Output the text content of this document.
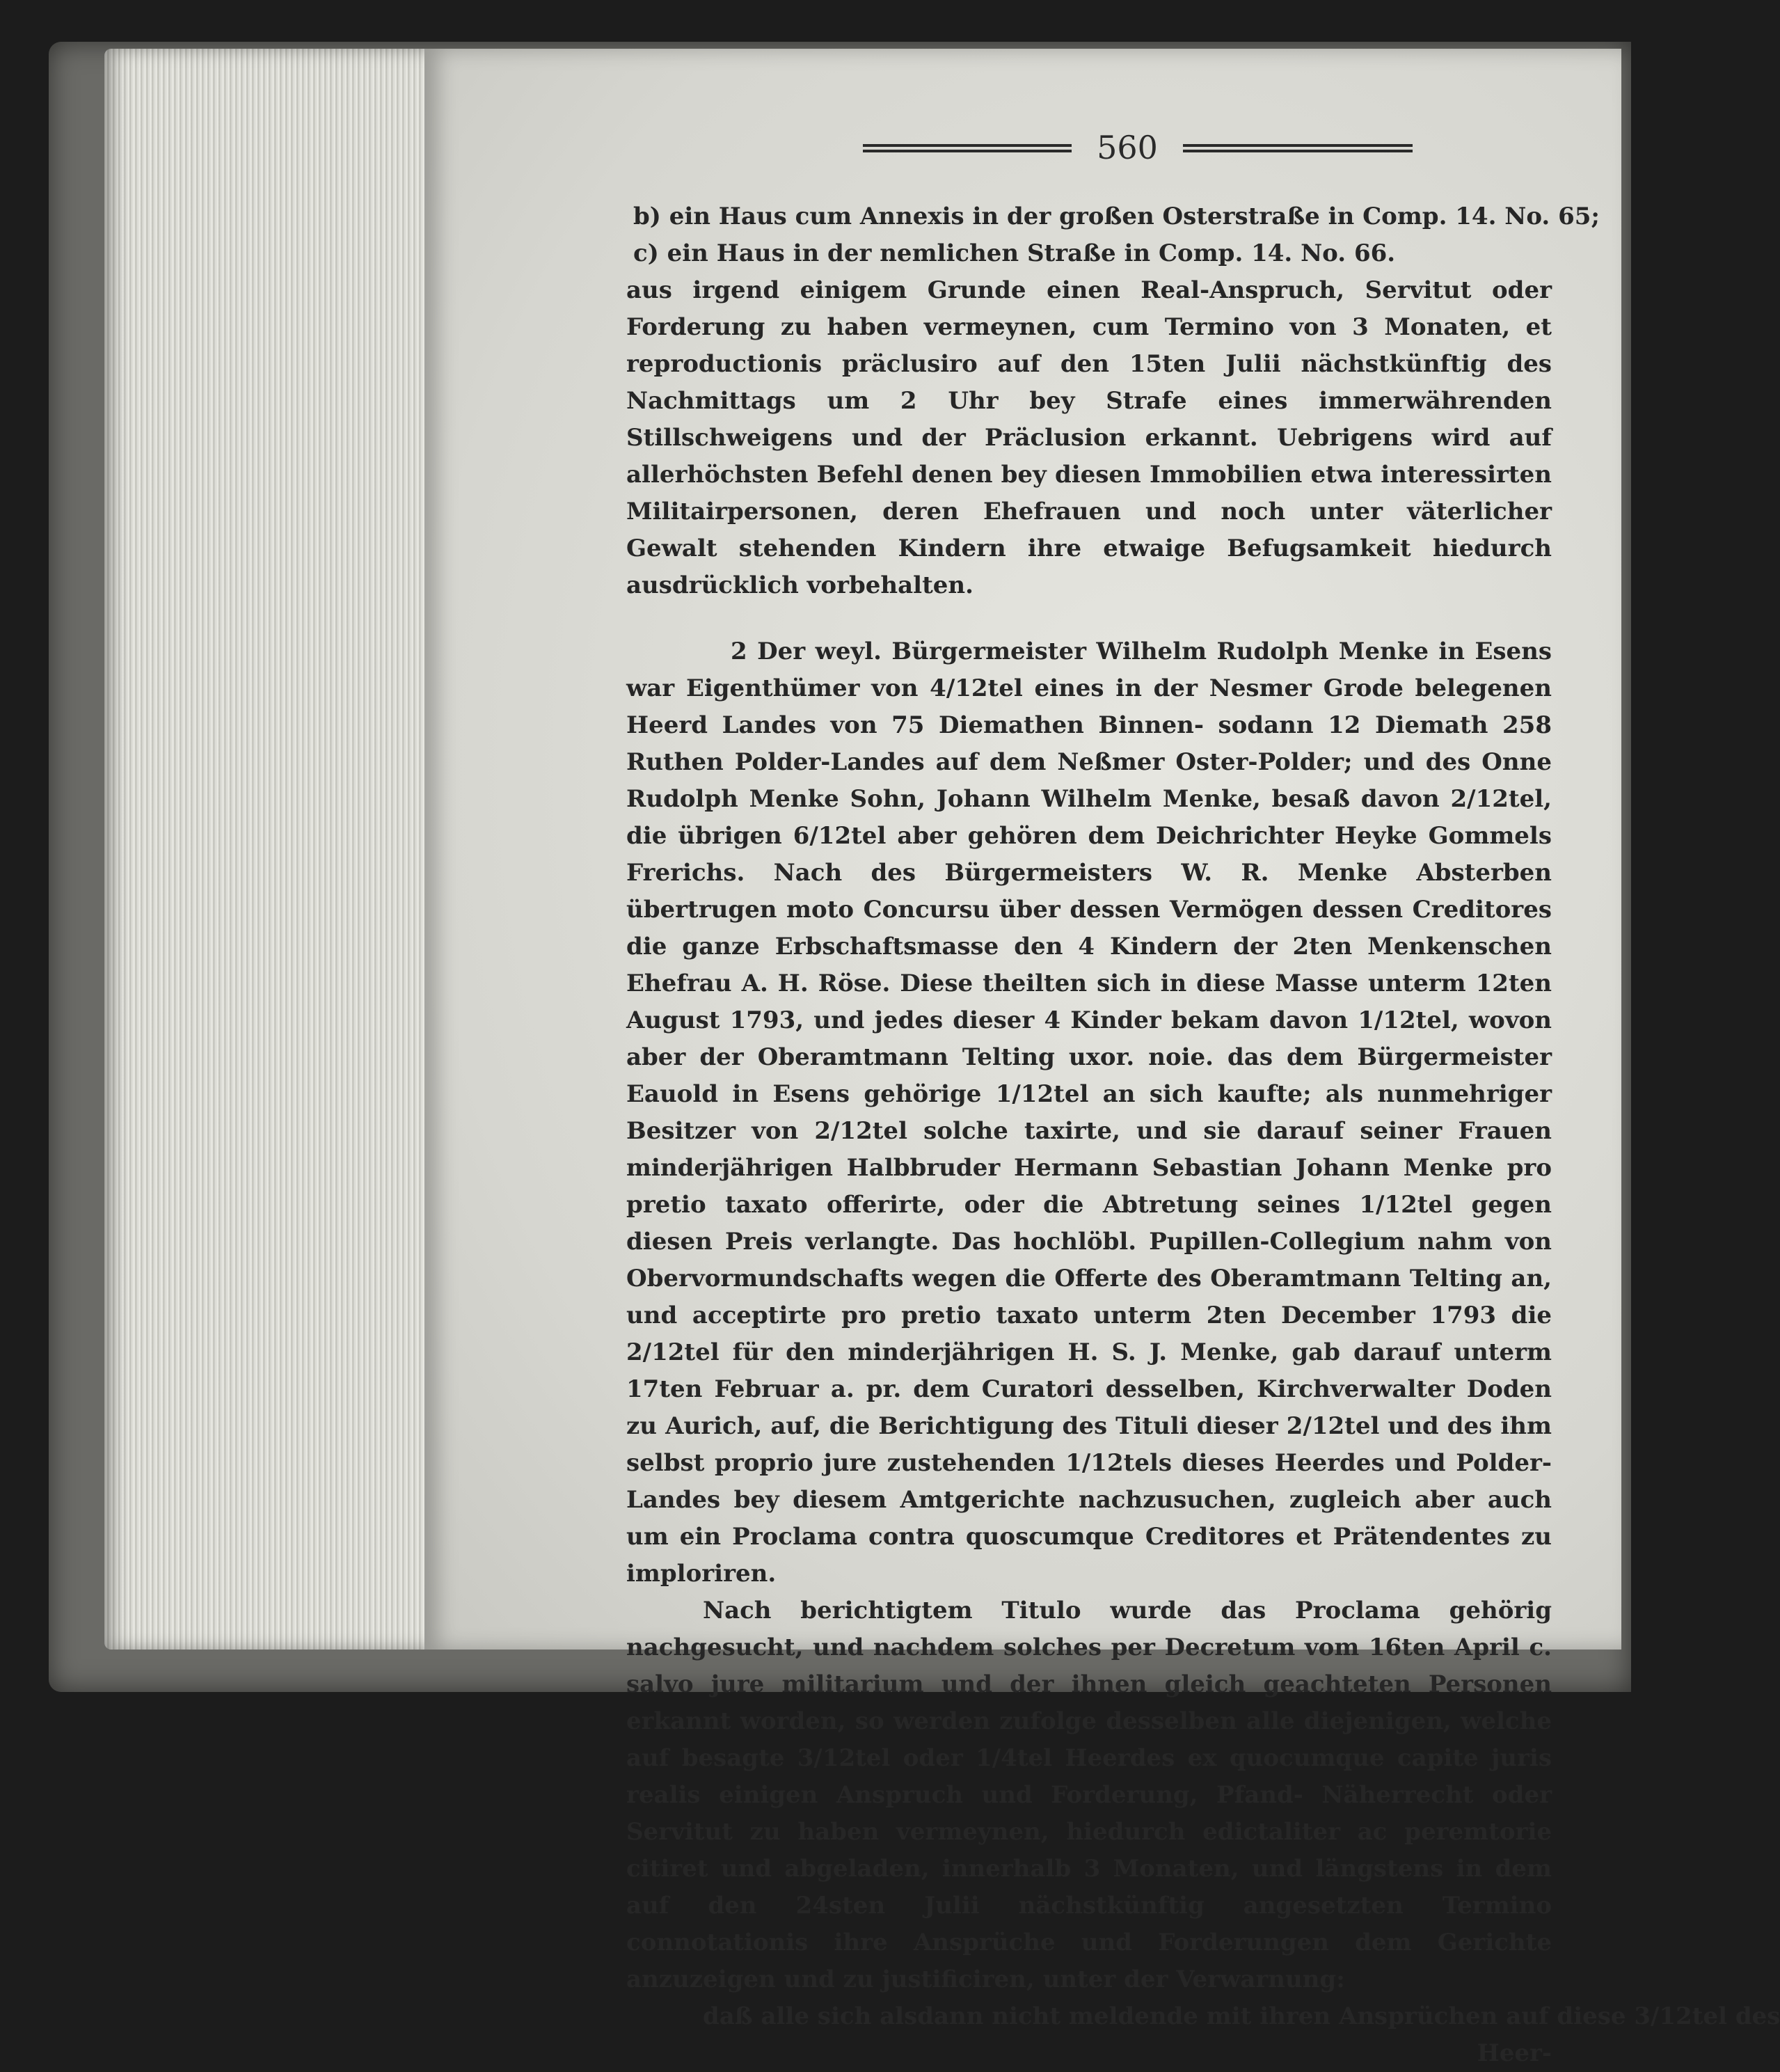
560
b) ein Haus cum Annexis in der großen Osterstraße in Comp. 14. No. 65;
c) ein Haus in der nemlichen Straße in Comp. 14. No. 66.

aus irgend einigem Grunde einen Real-Anspruch, Servitut oder Forderung zu haben vermeynen, cum Termino von 3 Monaten, et reproductionis präclusiro auf den 15ten Julii nächstkünftig des Nachmittags um 2 Uhr bey Strafe eines immerwährenden Stillschweigens und der Präclusion erkannt. Uebrigens wird auf allerhöchsten Befehl denen bey diesen Immobilien etwa interessirten Militairpersonen, deren Ehefrauen und noch unter väterlicher Gewalt stehenden Kindern ihre etwaige Befugsamkeit hiedurch ausdrücklich vorbehalten.

2 Der weyl. Bürgermeister Wilhelm Rudolph Menke in Esens war Eigenthümer von 4/12tel eines in der Nesmer Grode belegenen Heerd Landes von 75 Diemathen Binnen- sodann 12 Diemath 258 Ruthen Polder-Landes auf dem Neßmer Oster-Polder; und des Onne Rudolph Menke Sohn, Johann Wilhelm Menke, besaß davon 2/12tel, die übrigen 6/12tel aber gehören dem Deichrichter Heyke Gommels Frerichs. Nach des Bürgermeisters W. R. Menke Absterben übertrugen moto Concursu über dessen Vermögen dessen Creditores die ganze Erbschaftsmasse den 4 Kindern der 2ten Menkenschen Ehefrau A. H. Röse. Diese theilten sich in diese Masse unterm 12ten August 1793, und jedes dieser 4 Kinder bekam davon 1/12tel, wovon aber der Oberamtmann Telting uxor. noie. das dem Bürgermeister Eauold in Esens gehörige 1/12tel an sich kaufte; als nunmehriger Besitzer von 2/12tel solche taxirte, und sie darauf seiner Frauen minderjährigen Halbbruder Hermann Sebastian Johann Menke pro pretio taxato offerirte, oder die Abtretung seines 1/12tel gegen diesen Preis verlangte. Das hochlöbl. Pupillen-Collegium nahm von Obervormundschafts wegen die Offerte des Oberamtmann Telting an, und acceptirte pro pretio taxato unterm 2ten December 1793 die 2/12tel für den minderjährigen H. S. J. Menke, gab darauf unterm 17ten Februar a. pr. dem Curatori desselben, Kirchverwalter Doden zu Aurich, auf, die Berichtigung des Tituli dieser 2/12tel und des ihm selbst proprio jure zustehenden 1/12tels dieses Heerdes und Polder-Landes bey diesem Amtgerichte nachzusuchen, zugleich aber auch um ein Proclama contra quoscumque Creditores et Prätendentes zu imploriren.

Nach berichtigtem Titulo wurde das Proclama gehörig nachgesucht, und nachdem solches per Decretum vom 16ten April c. salvo jure militarium und der ihnen gleich geachteten Personen erkannt worden, so werden zufolge desselben alle diejenigen, welche auf besagte 3/12tel oder 1/4tel Heerdes ex quocumque capite juris realis einigen Anspruch und Forderung, Pfand- Näherrecht oder Servitut zu haben vermeynen, hiedurch edictaliter ac peremtorie citiret und abgeladen, innerhalb 3 Monaten, und längstens in dem auf den 24sten Julii nächstkünftig angesetzten Termino connotationis ihre Ansprüche und Forderungen dem Gerichte anzuzeigen und zu justificiren, unter der Verwarnung:

daß alle sich alsdann nicht meldende mit ihren Ansprüchen auf diese 3/12tel des
Heer-
